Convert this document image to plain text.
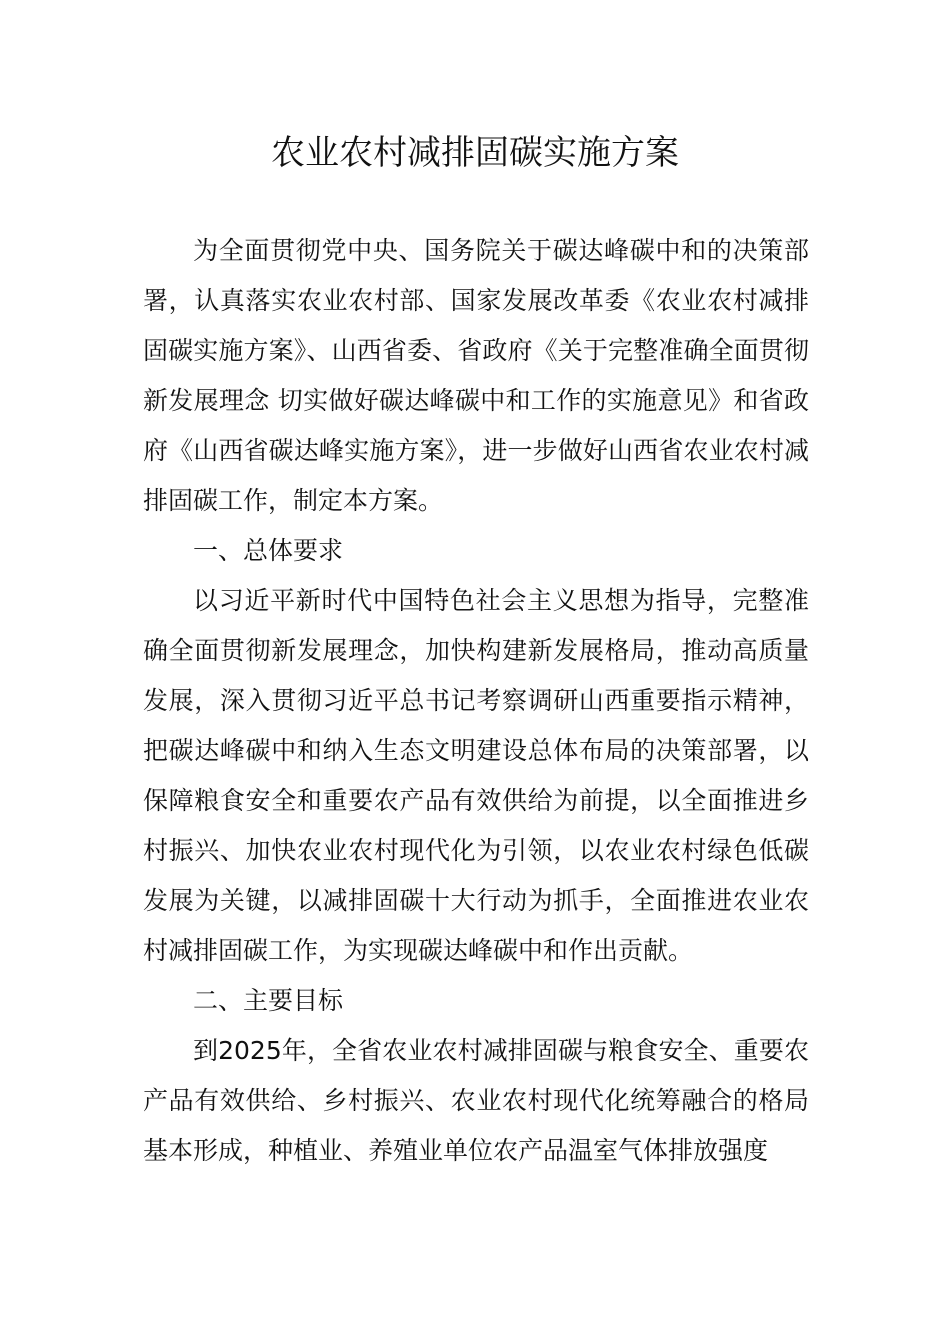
农业农村减排固碳实施方案

为全面贯彻党中央、国务院关于碳达峰碳中和的决策部署，认真落实农业农村部、国家发展改革委《农业农村减排固碳实施方案》、山西省委、省政府《关于完整准确全面贯彻新发展理念 切实做好碳达峰碳中和工作的实施意见》和省政府《山西省碳达峰实施方案》，进一步做好山西省农业农村减排固碳工作，制定本方案。

一、总体要求

以习近平新时代中国特色社会主义思想为指导，完整准确全面贯彻新发展理念，加快构建新发展格局，推动高质量发展，深入贯彻习近平总书记考察调研山西重要指示精神，把碳达峰碳中和纳入生态文明建设总体布局的决策部署，以保障粮食安全和重要农产品有效供给为前提，以全面推进乡村振兴、加快农业农村现代化为引领，以农业农村绿色低碳发展为关键，以减排固碳十大行动为抓手，全面推进农业农村减排固碳工作，为实现碳达峰碳中和作出贡献。

二、主要目标

到2025年，全省农业农村减排固碳与粮食安全、重要农产品有效供给、乡村振兴、农业农村现代化统筹融合的格局基本形成，种植业、养殖业单位农产品温室气体排放强度
